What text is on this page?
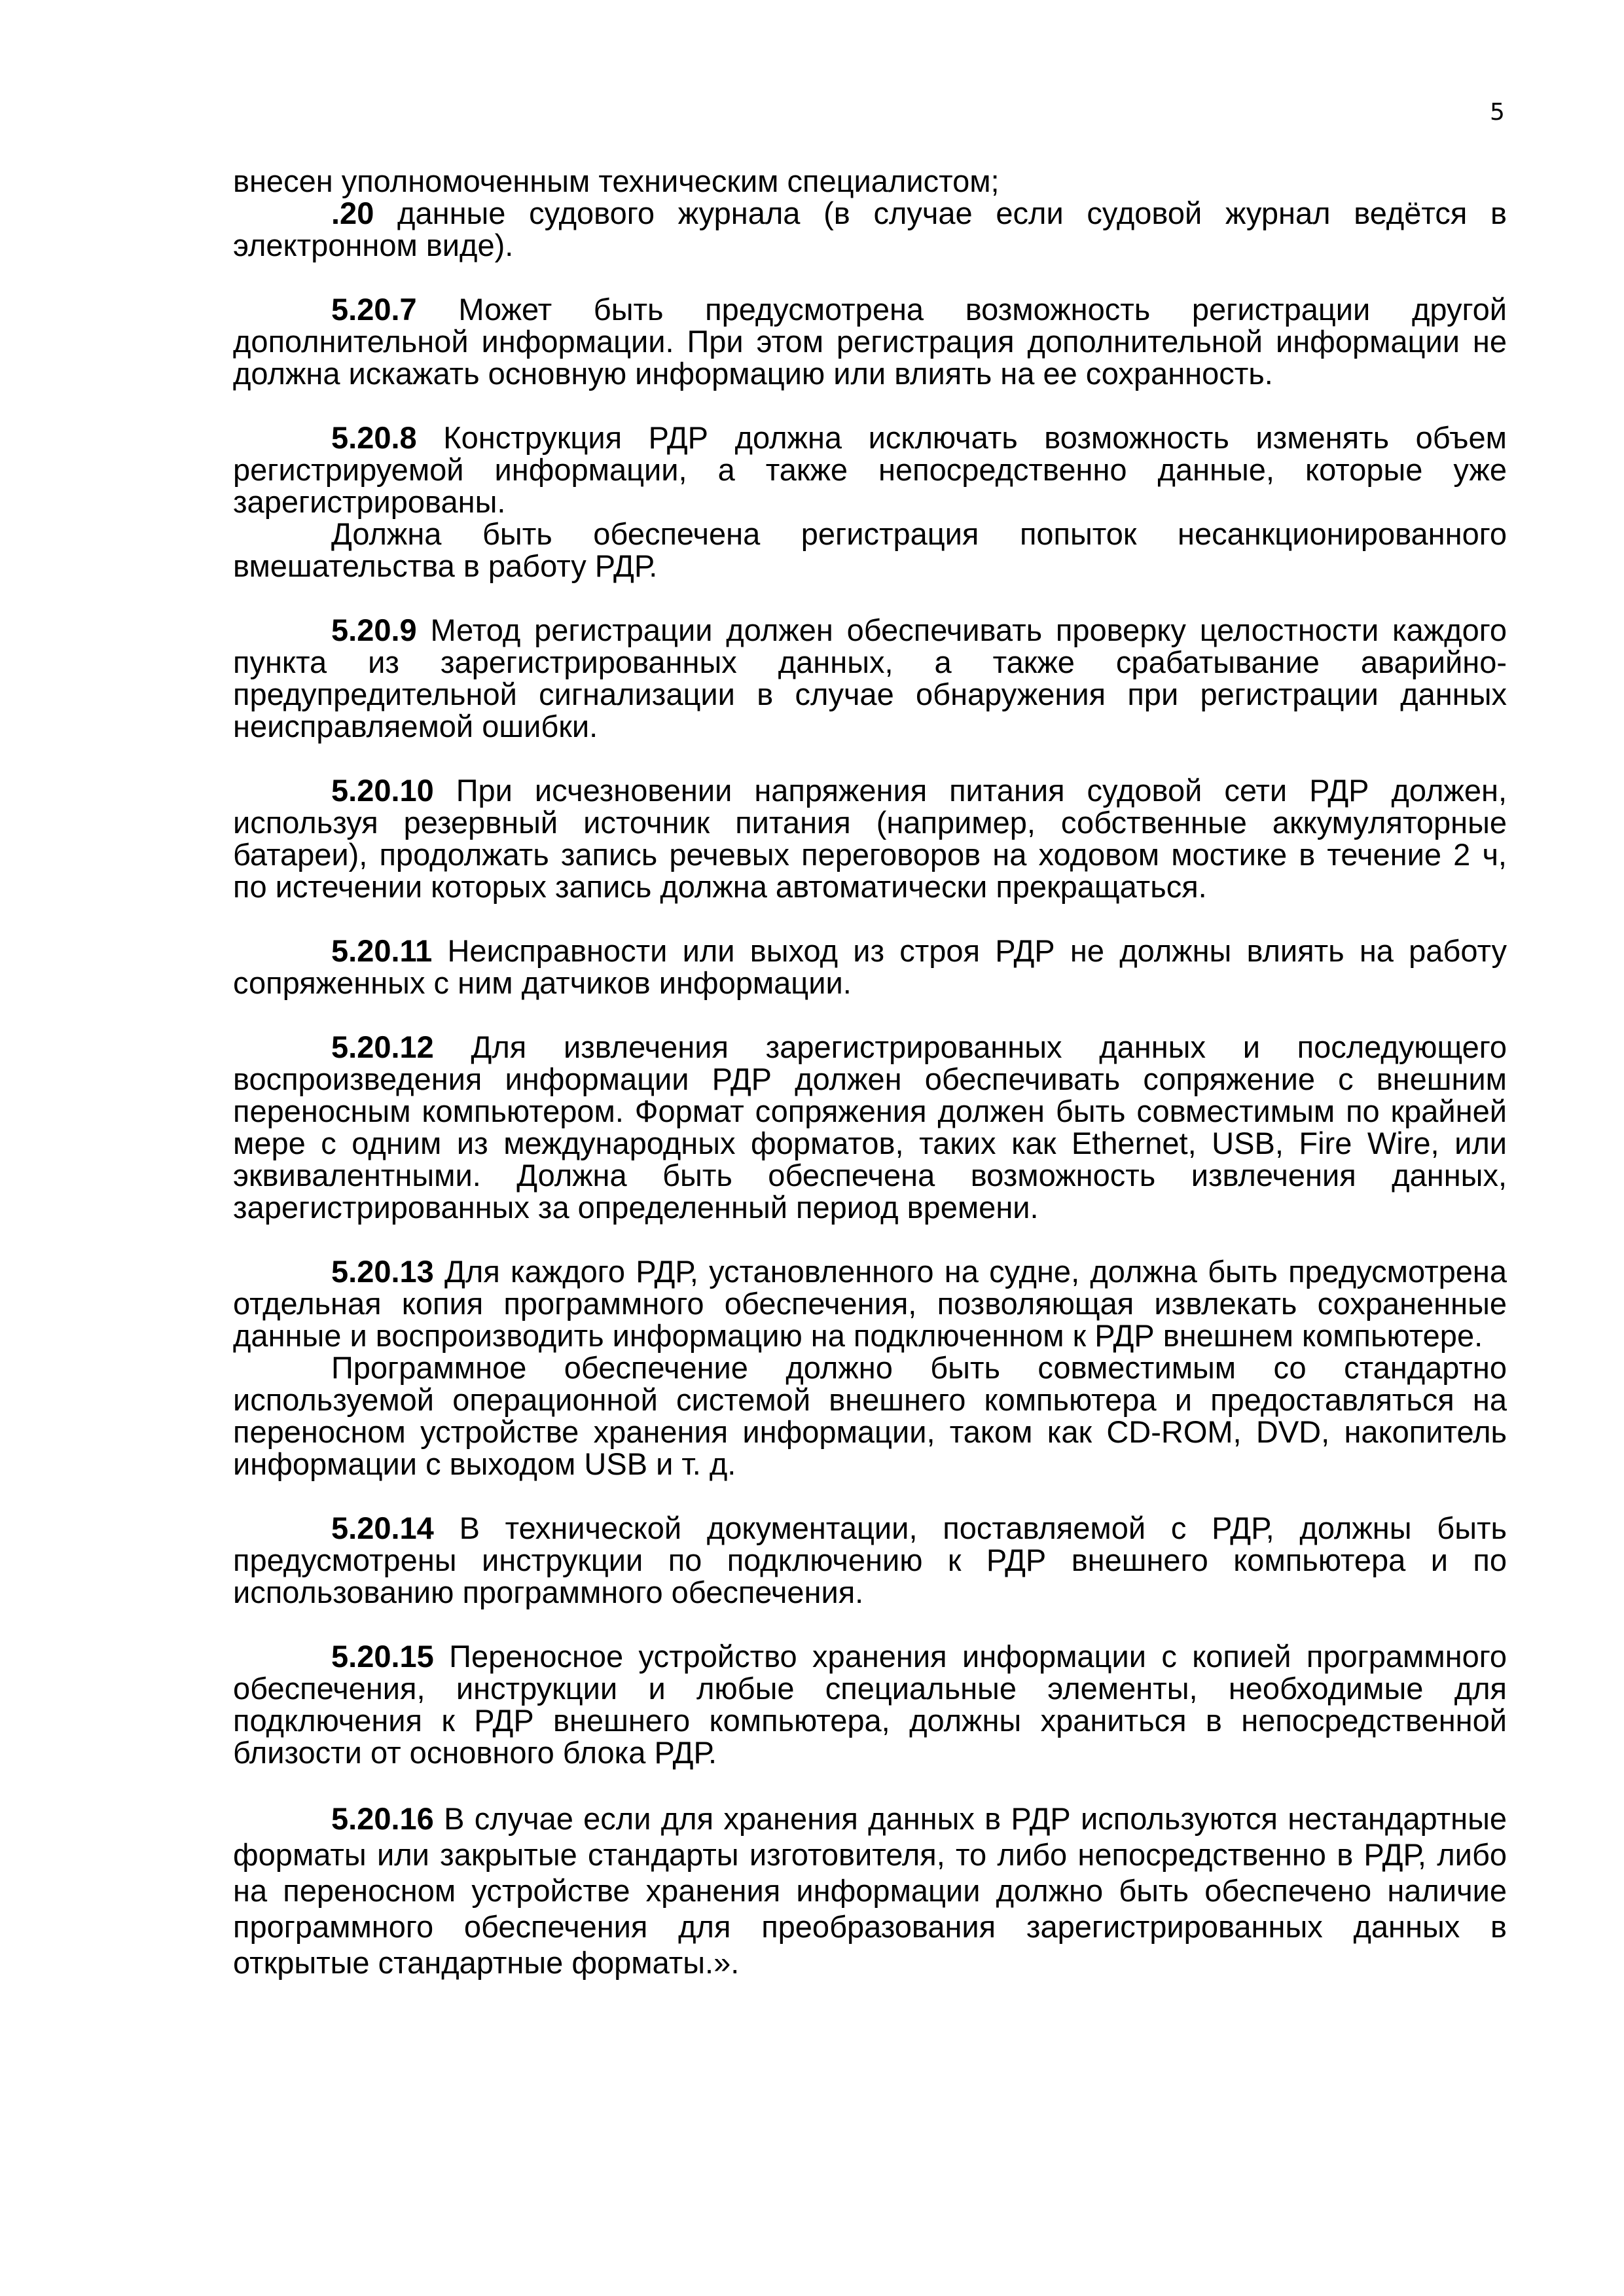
5

внесен уполномоченным техническим специалистом;

.20 данные судового журнала (в случае если судовой журнал ведётся в электронном виде).

5.20.7 Может быть предусмотрена возможность регистрации другой дополнительной информации. При этом регистрация дополнительной информации не должна искажать основную информацию или влиять на ее сохранность.

5.20.8 Конструкция РДР должна исключать возможность изменять объем регистрируемой информации, а также непосредственно данные, которые уже зарегистрированы.

Должна быть обеспечена регистрация попыток несанкционированного вмешательства в работу РДР.

5.20.9 Метод регистрации должен обеспечивать проверку целостности каждого пункта из зарегистрированных данных, а также срабатывание аварийно-предупредительной сигнализации в случае обнаружения при регистрации данных неисправляемой ошибки.

5.20.10 При исчезновении напряжения питания судовой сети РДР должен, используя резервный источник питания (например, собственные аккумуляторные батареи), продолжать запись речевых переговоров на ходовом мостике в течение 2 ч, по истечении которых запись должна автоматически прекращаться.

5.20.11 Неисправности или выход из строя РДР не должны влиять на работу сопряженных с ним датчиков информации.

5.20.12 Для извлечения зарегистрированных данных и последующего воспроизведения информации РДР должен обеспечивать сопряжение с внешним переносным компьютером. Формат сопряжения должен быть совместимым по крайней мере с одним из международных форматов, таких как Ethernet, USB, Fire Wire, или эквивалентными. Должна быть обеспечена возможность извлечения данных, зарегистрированных за определенный период времени.

5.20.13 Для каждого РДР, установленного на судне, должна быть предусмотрена отдельная копия программного обеспечения, позволяющая извлекать сохраненные данные и воспроизводить информацию на подключенном к РДР внешнем компьютере.

Программное обеспечение должно быть совместимым со стандартно используемой операционной системой внешнего компьютера и предоставляться на переносном устройстве хранения информации, таком как CD-ROM, DVD, накопитель информации с выходом USB и т. д.

5.20.14 В технической документации, поставляемой с РДР, должны быть предусмотрены инструкции по подключению к РДР внешнего компьютера и по использованию программного обеспечения.

5.20.15 Переносное устройство хранения информации с копией программного обеспечения, инструкции и любые специальные элементы, необходимые для подключения к РДР внешнего компьютера, должны храниться в непосредственной близости от основного блока РДР.

5.20.16 В случае если для хранения данных в РДР используются нестандартные форматы или закрытые стандарты изготовителя, то либо непосредственно в РДР, либо на переносном устройстве хранения информации должно быть обеспечено наличие программного обеспечения для преобразования зарегистрированных данных в открытые стандартные форматы.».
